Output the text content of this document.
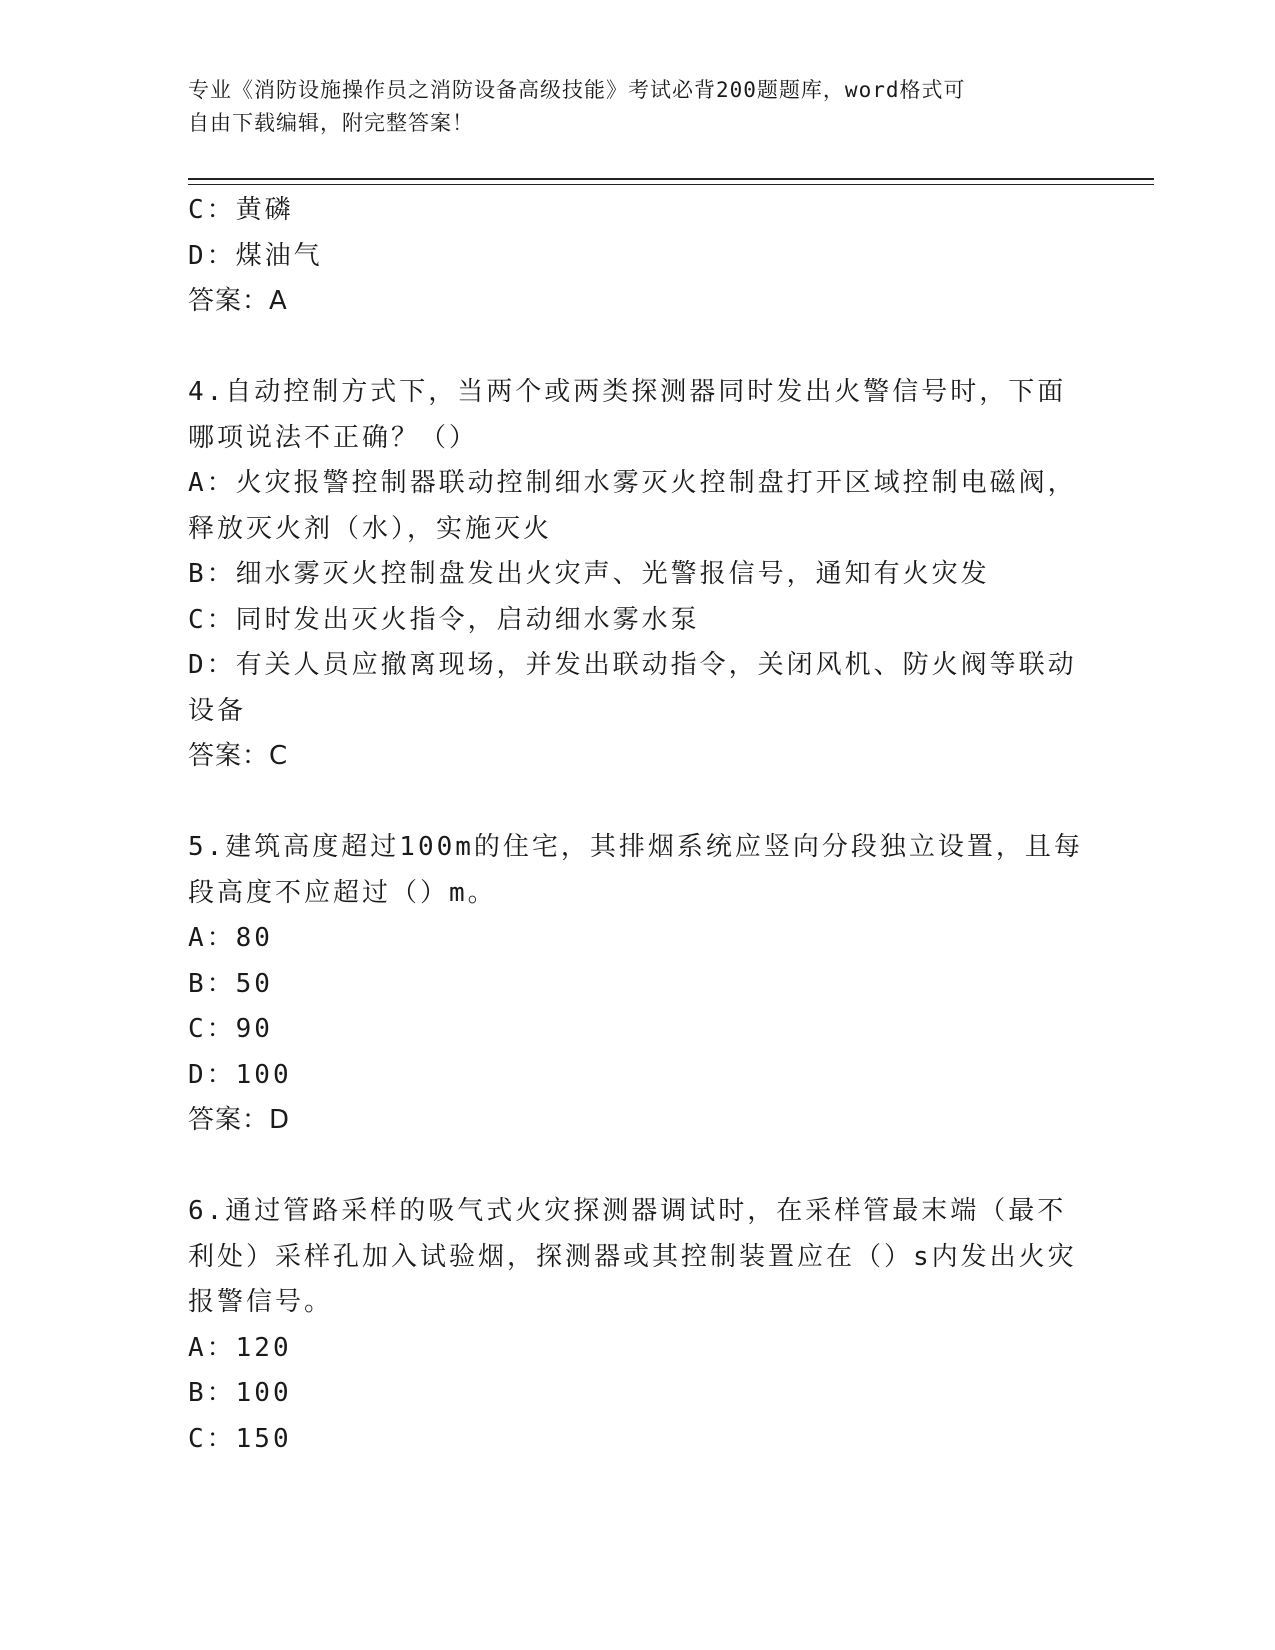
专业《消防设施操作员之消防设备高级技能》考试必背200题题库，word格式可
自由下载编辑，附完整答案！
C：黄磷
D：煤油气
答案：A
4.自动控制方式下，当两个或两类探测器同时发出火警信号时，下面
哪项说法不正确？（）
A：火灾报警控制器联动控制细水雾灭火控制盘打开区域控制电磁阀，
释放灭火剂（水），实施灭火
B：细水雾灭火控制盘发出火灾声、光警报信号，通知有火灾发
C：同时发出灭火指令，启动细水雾水泵
D：有关人员应撤离现场，并发出联动指令，关闭风机、防火阀等联动
设备
答案：C
5.建筑高度超过100m的住宅，其排烟系统应竖向分段独立设置，且每
段高度不应超过（）m。
A：80
B：50
C：90
D：100
答案：D
6.通过管路采样的吸气式火灾探测器调试时，在采样管最末端（最不
利处）采样孔加入试验烟，探测器或其控制装置应在（）s内发出火灾
报警信号。
A：120
B：100
C：150
